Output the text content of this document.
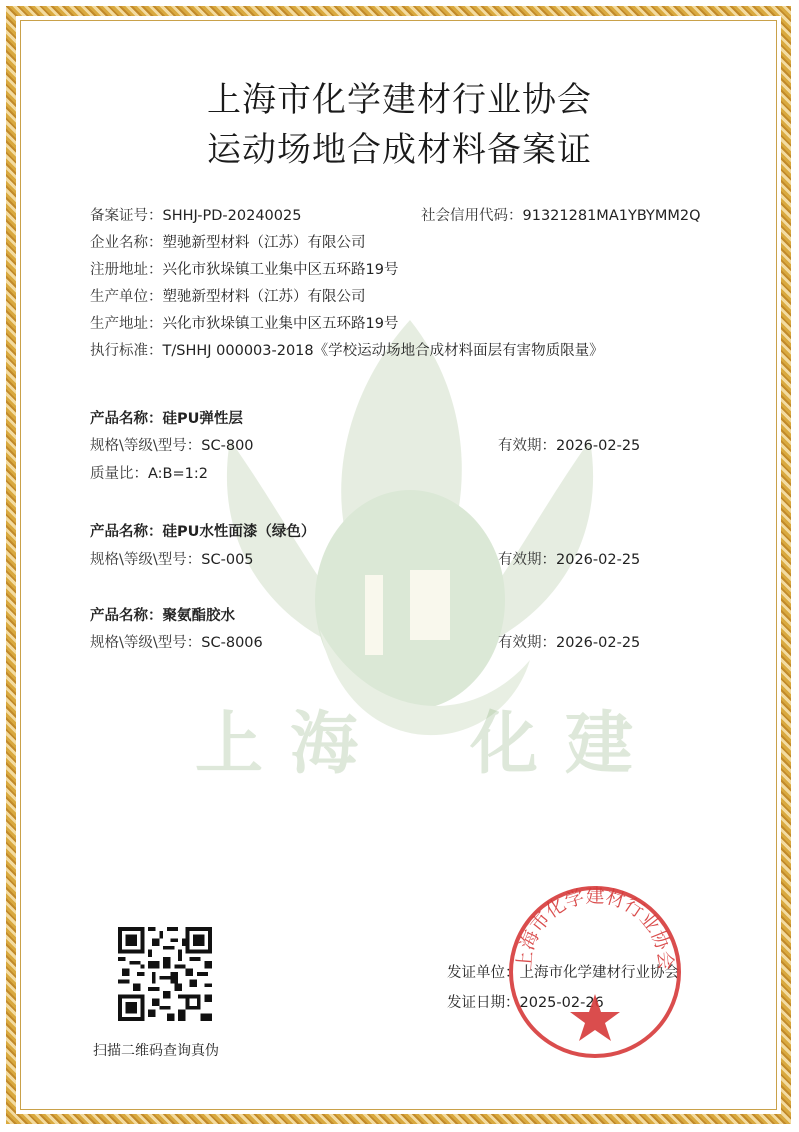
上 海 化 建
上海市化学建材行业协会
运动场地合成材料备案证
备案证号：SHHJ-PD-20240025	社会信用代码：91321281MA1YBYMM2Q
企业名称：塑驰新型材料（江苏）有限公司
注册地址：兴化市狄垛镇工业集中区五环路19号
生产单位：塑驰新型材料（江苏）有限公司
生产地址：兴化市狄垛镇工业集中区五环路19号
执行标准：T/SHHJ 000003-2018《学校运动场地合成材料面层有害物质限量》
产品名称：硅PU弹性层
规格\等级\型号：SC-800	有效期：2026-02-25
质量比：A:B=1:2
产品名称：硅PU水性面漆（绿色）
规格\等级\型号：SC-005	有效期：2026-02-25
产品名称：聚氨酯胶水
规格\等级\型号：SC-8006	有效期：2026-02-25
扫描二维码查询真伪
发证单位：上海市化学建材行业协会
发证日期：2025-02-26
上海市化学建材行业协会
